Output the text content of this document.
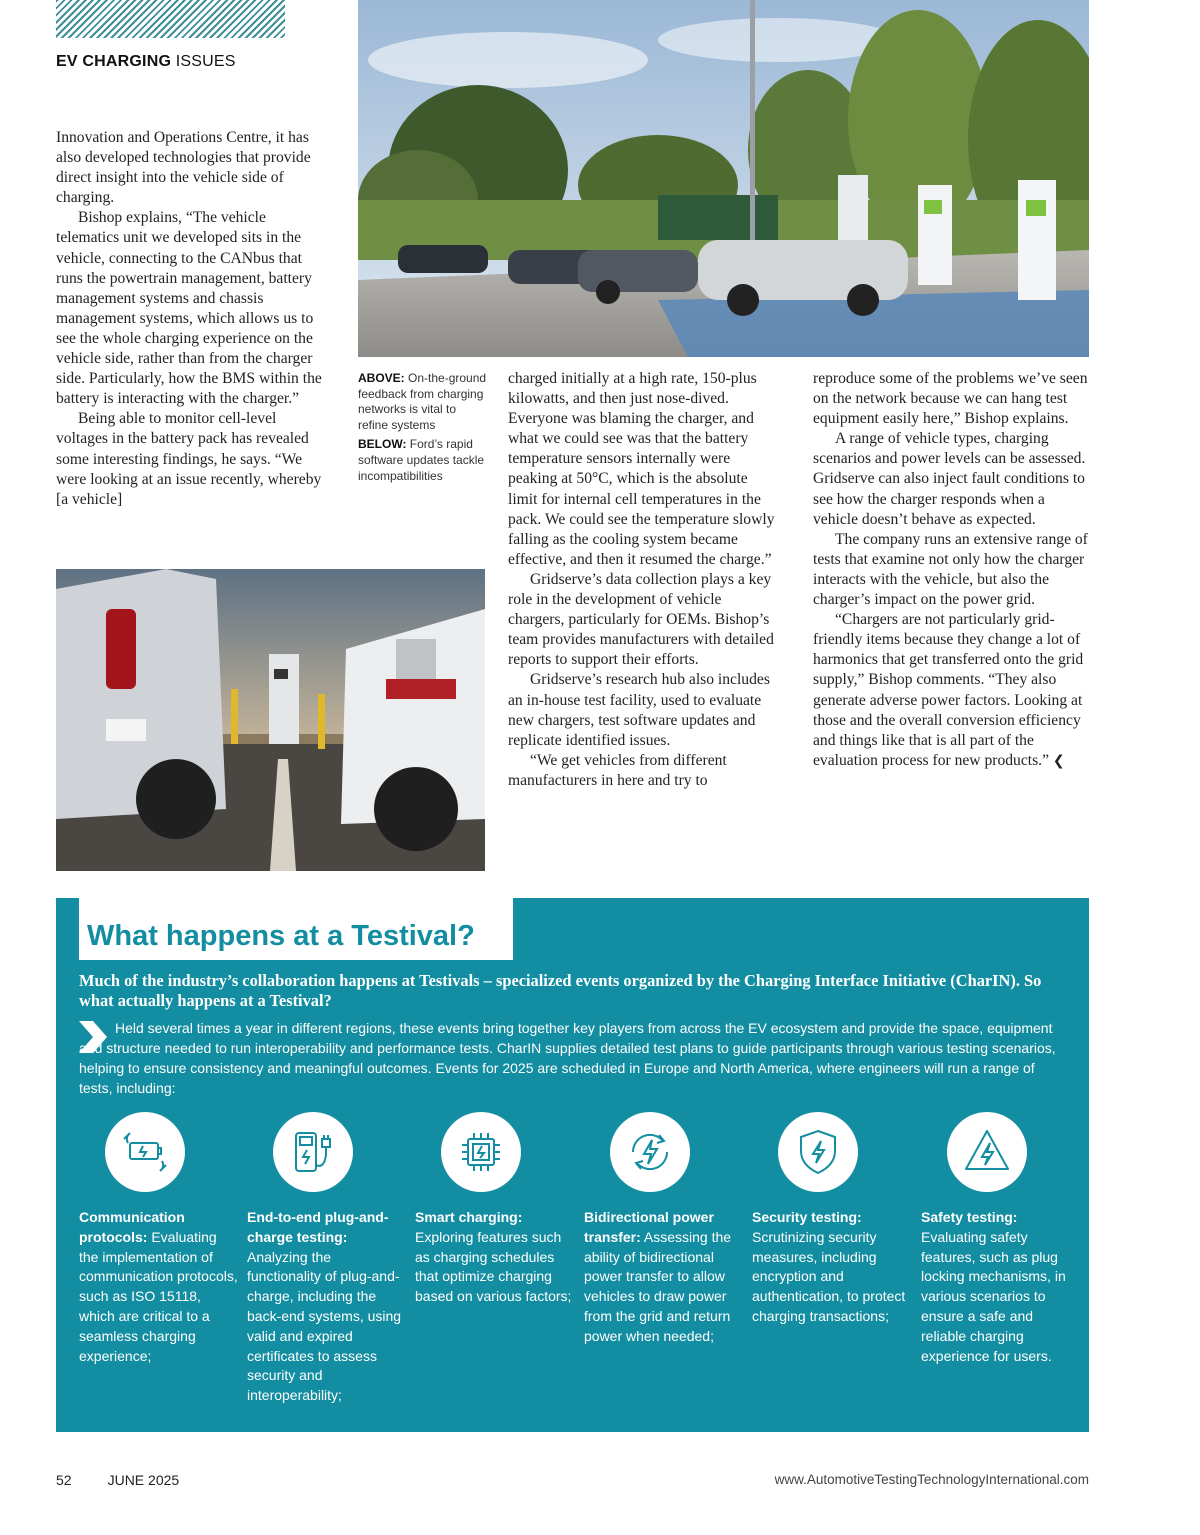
EV CHARGING ISSUES

Innovation and Operations Centre, it has also developed technologies that provide direct insight into the vehicle side of charging.

Bishop explains, “The vehicle telematics unit we developed sits in the vehicle, connecting to the CANbus that runs the powertrain management, battery management systems and chassis management systems, which allows us to see the whole charging experience on the vehicle side, rather than from the charger side. Particularly, how the BMS within the battery is interacting with the charger.”

Being able to monitor cell-level voltages in the battery pack has revealed some interesting findings, he says. “We were looking at an issue recently, whereby [a vehicle]

ABOVE: On-the-ground feedback from charging networks is vital to refine systems

BELOW: Ford’s rapid software updates tackle incompatibilities

charged initially at a high rate, 150-plus kilowatts, and then just nose-dived. Everyone was blaming the charger, and what we could see was that the battery temperature sensors internally were peaking at 50°C, which is the absolute limit for internal cell temperatures in the pack. We could see the temperature slowly falling as the cooling system became effective, and then it resumed the charge.”

Gridserve’s data collection plays a key role in the development of vehicle chargers, particularly for OEMs. Bishop’s team provides manufacturers with detailed reports to support their efforts.

Gridserve’s research hub also includes an in-house test facility, used to evaluate new chargers, test software updates and replicate identified issues.

“We get vehicles from different manufacturers in here and try to

reproduce some of the problems we’ve seen on the network because we can hang test equipment easily here,” Bishop explains.

A range of vehicle types, charging scenarios and power levels can be assessed. Gridserve can also inject fault conditions to see how the charger responds when a vehicle doesn’t behave as expected.

The company runs an extensive range of tests that examine not only how the charger interacts with the vehicle, but also the charger’s impact on the power grid.

“Chargers are not particularly grid-friendly items because they change a lot of harmonics that get transferred onto the grid supply,” Bishop comments. “They also generate adverse power factors. Looking at those and the overall conversion efficiency and things like that is all part of the evaluation process for new products.” ❮

What happens at a Testival?
Much of the industry’s collaboration happens at Testivals – specialized events organized by the Charging Interface Initiative (CharIN). So what actually happens at a Testival?
Held several times a year in different regions, these events bring together key players from across the EV ecosystem and provide the space, equipment and structure needed to run interoperability and performance tests. CharIN supplies detailed test plans to guide participants through various testing scenarios, helping to ensure consistency and meaningful outcomes. Events for 2025 are scheduled in Europe and North America, where engineers will run a range of tests, including:
Communication protocols: Evaluating the implementation of communication protocols, such as ISO 15118, which are critical to a seamless charging experience;
End-to-end plug-and-charge testing: Analyzing the functionality of plug-and-charge, including the back-end systems, using valid and expired certificates to assess security and interoperability;
Smart charging: Exploring features such as charging schedules that optimize charging based on various factors;
Bidirectional power transfer: Assessing the ability of bidirectional power transfer to allow vehicles to draw power from the grid and return power when needed;
Security testing: Scrutinizing security measures, including encryption and authentication, to protect charging transactions;
Safety testing: Evaluating safety features, such as plug locking mechanisms, in various scenarios to ensure a safe and reliable charging experience for users.
52	JUNE 2025	www.AutomotiveTestingTechnologyInternational.com
